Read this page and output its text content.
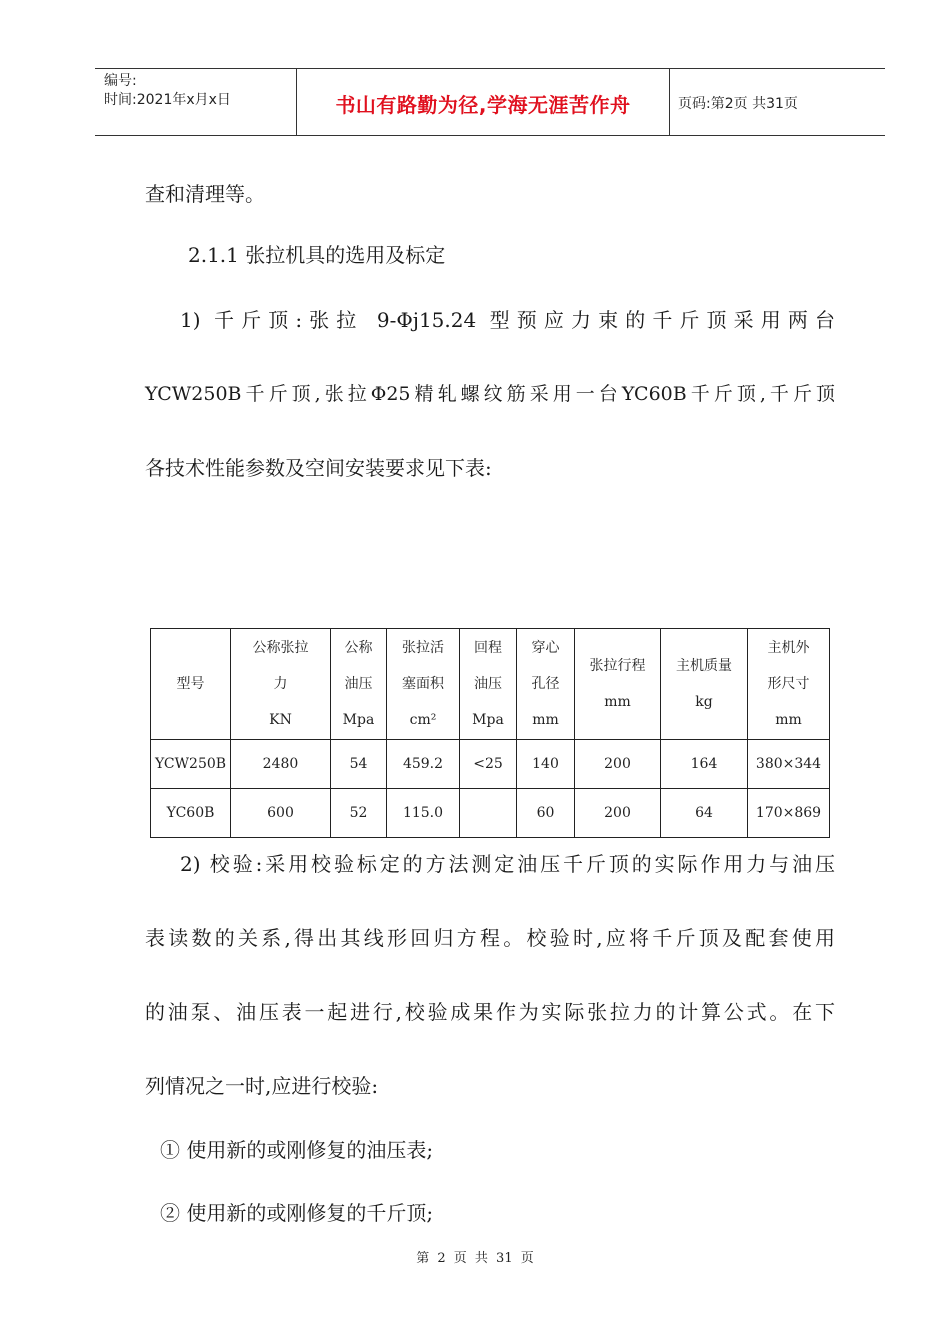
编号:
时间:2021年x月x日	书山有路勤为径,学海无涯苦作舟	页码:第2页 共31页
查和清理等。
2.1.1 张拉机具的选用及标定
1) 千斤顶:张拉 9-Φj15.24 型预应力束的千斤顶采用两台
YCW250B千斤顶,张拉Φ25精轧螺纹筋采用一台YC60B千斤顶,千斤顶
各技术性能参数及空间安装要求见下表:
型号	公称张拉
力
KN	公称
油压
Mpa	张拉活
塞面积
cm²	回程
油压
Mpa	穿心
孔径
mm	张拉行程
mm	主机质量
kg	主机外
形尺寸
mm
YCW250B	2480	54	459.2	<25	140	200	164	380×344
YC60B	600	52	115.0		60	200	64	170×869
2) 校验:采用校验标定的方法测定油压千斤顶的实际作用力与油压
表读数的关系,得出其线形回归方程。校验时,应将千斤顶及配套使用
的油泵、油压表一起进行,校验成果作为实际张拉力的计算公式。在下
列情况之一时,应进行校验:
① 使用新的或刚修复的油压表;
② 使用新的或刚修复的千斤顶;
第 2 页 共 31 页
